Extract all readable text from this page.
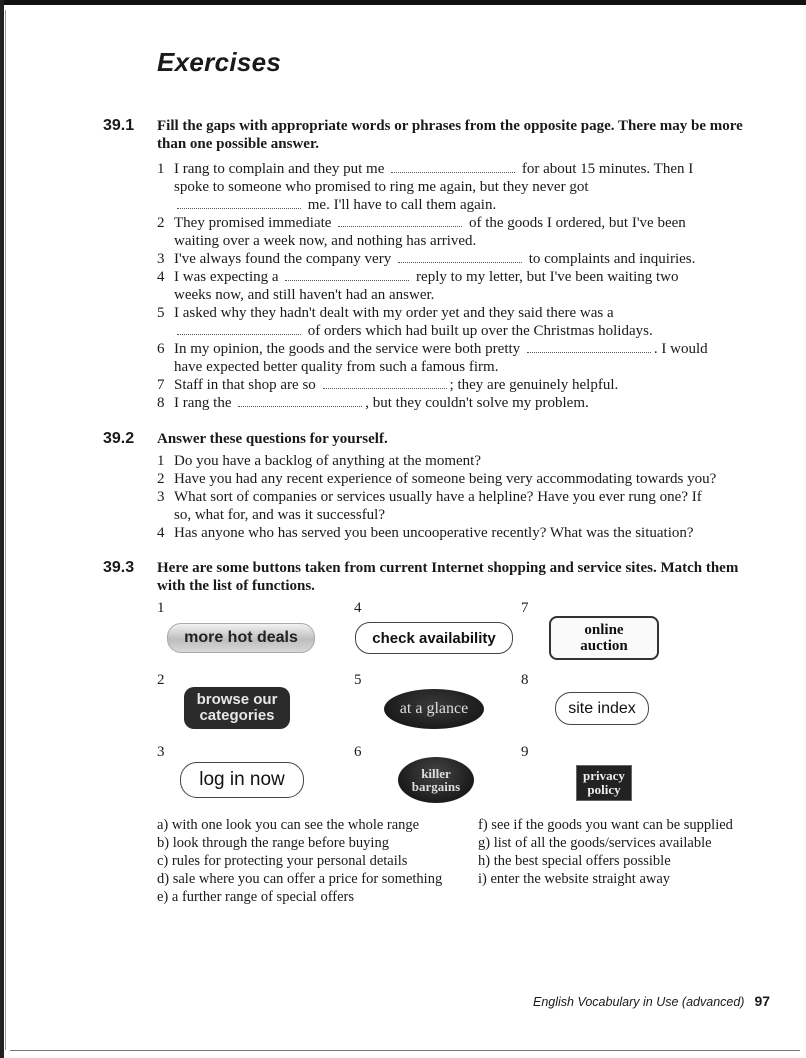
Exercises
39.1 Fill the gaps with appropriate words or phrases from the opposite page. There may be more than one possible answer.
1 I rang to complain and they put me	for about 15 minutes. Then I
spoke to someone who promised to ring me again, but they never got
me. I'll have to call them again.
2 They promised immediate	of the goods I ordered, but I've been
waiting over a week now, and nothing has arrived.
3 I've always found the company very	to complaints and inquiries.
4 I was expecting a	reply to my letter, but I've been waiting two
weeks now, and still haven't had an answer.
5 I asked why they hadn't dealt with my order yet and they said there was a
of orders which had built up over the Christmas holidays.
6 In my opinion, the goods and the service were both pretty	. I would
have expected better quality from such a famous firm.
7 Staff in that shop are so	; they are genuinely helpful.
8 I rang the	, but they couldn't solve my problem.
39.2 Answer these questions for yourself.
1 Do you have a backlog of anything at the moment?
2 Have you had any recent experience of someone being very accommodating towards you?
3 What sort of companies or services usually have a helpline? Have you ever rung one? If
so, what for, and was it successful?
4 Has anyone who has served you been uncooperative recently? What was the situation?
39.3 Here are some buttons taken from current Internet shopping and service sites. Match them with the list of functions.
1
2
3
4
5
6
7
8
9
more hot deals
browse our
categories
log in now
check availability
at a glance
killer
bargains
online
auction
site index
privacy
policy
a) with one look you can see the whole range
b) look through the range before buying
c) rules for protecting your personal details
d) sale where you can offer a price for something
e) a further range of special offers
f) see if the goods you want can be supplied
g) list of all the goods/services available
h) the best special offers possible
i) enter the website straight away
English Vocabulary in Use (advanced) 97
